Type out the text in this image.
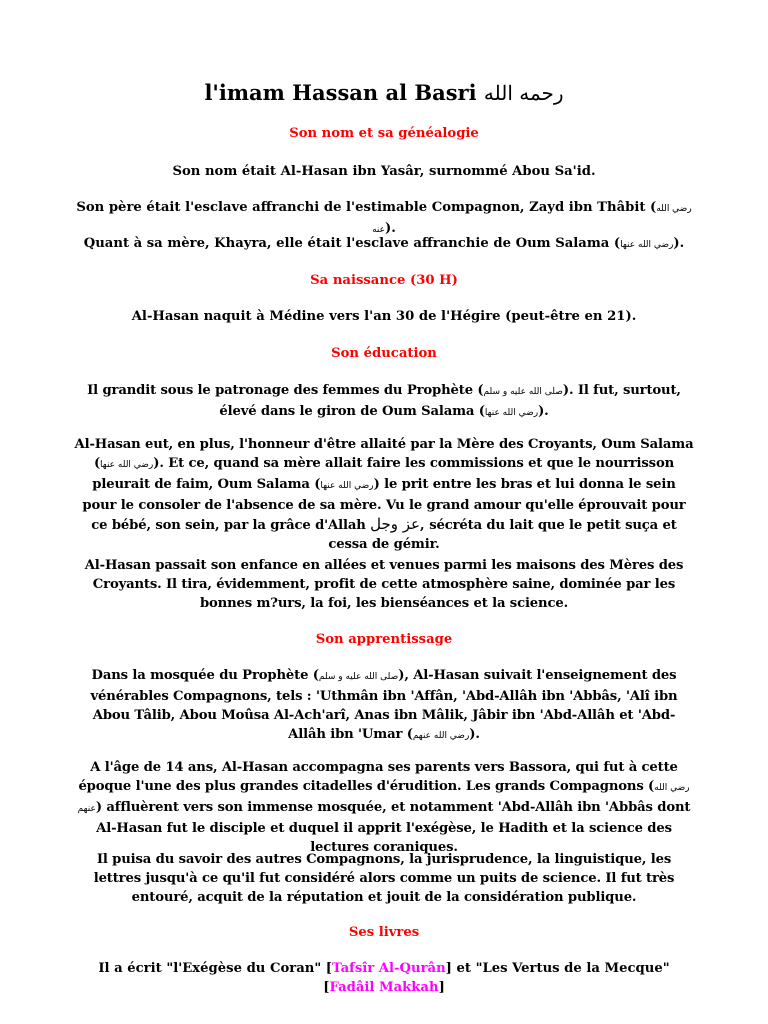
l'imam Hassan al Basri رحمه الله
Son nom et sa généalogie
Son nom était Al-Hasan ibn Yasâr, surnommé Abou Sa'id.
Son père était l'esclave affranchi de l'estimable Compagnon, Zayd ibn Thâbit (رضي الله عنه).
Quant à sa mère, Khayra, elle était l'esclave affranchie de Oum Salama (رضي الله عنها).
Sa naissance (30 H)
Al-Hasan naquit à Médine vers l'an 30 de l'Hégire (peut-être en 21).
Son éducation
Il grandit sous le patronage des femmes du Prophète (صلى الله عليه و سلم). Il fut, surtout, élevé dans le giron de Oum Salama (رضي الله عنها).
Al-Hasan eut, en plus, l'honneur d'être allaité par la Mère des Croyants, Oum Salama (رضي الله عنها). Et ce, quand sa mère allait faire les commissions et que le nourrisson pleurait de faim, Oum Salama (رضي الله عنها) le prit entre les bras et lui donna le sein pour le consoler de l'absence de sa mère. Vu le grand amour qu'elle éprouvait pour ce bébé, son sein, par la grâce d'Allah عز وجل, sécréta du lait que le petit suça et cessa de gémir.
Al-Hasan passait son enfance en allées et venues parmi les maisons des Mères des Croyants. Il tira, évidemment, profit de cette atmosphère saine, dominée par les bonnes m?urs, la foi, les bienséances et la science.
Son apprentissage
Dans la mosquée du Prophète (صلى الله عليه و سلم), Al-Hasan suivait l'enseignement des vénérables Compagnons, tels : 'Uthmân ibn 'Affân, 'Abd-Allâh ibn 'Abbâs, 'Alî ibn Abou Tâlib, Abou Moûsa Al-Ach'arî, Anas ibn Mâlik, Jâbir ibn 'Abd-Allâh et 'Abd-Allâh ibn 'Umar (رضي الله عنهم).
A l'âge de 14 ans, Al-Hasan accompagna ses parents vers Bassora, qui fut à cette époque l'une des plus grandes citadelles d'érudition. Les grands Compagnons (رضي الله عنهم) affluèrent vers son immense mosquée, et notamment 'Abd-Allâh ibn 'Abbâs dont Al-Hasan fut le disciple et duquel il apprit l'exégèse, le Hadith et la science des lectures coraniques.
Il puisa du savoir des autres Compagnons, la jurisprudence, la linguistique, les lettres jusqu'à ce qu'il fut considéré alors comme un puits de science. Il fut très entouré, acquit de la réputation et jouit de la considération publique.
Ses livres
Il a écrit "l'Exégèse du Coran" [Tafsîr Al-Qurân] et "Les Vertus de la Mecque" [Fadâil Makkah]
